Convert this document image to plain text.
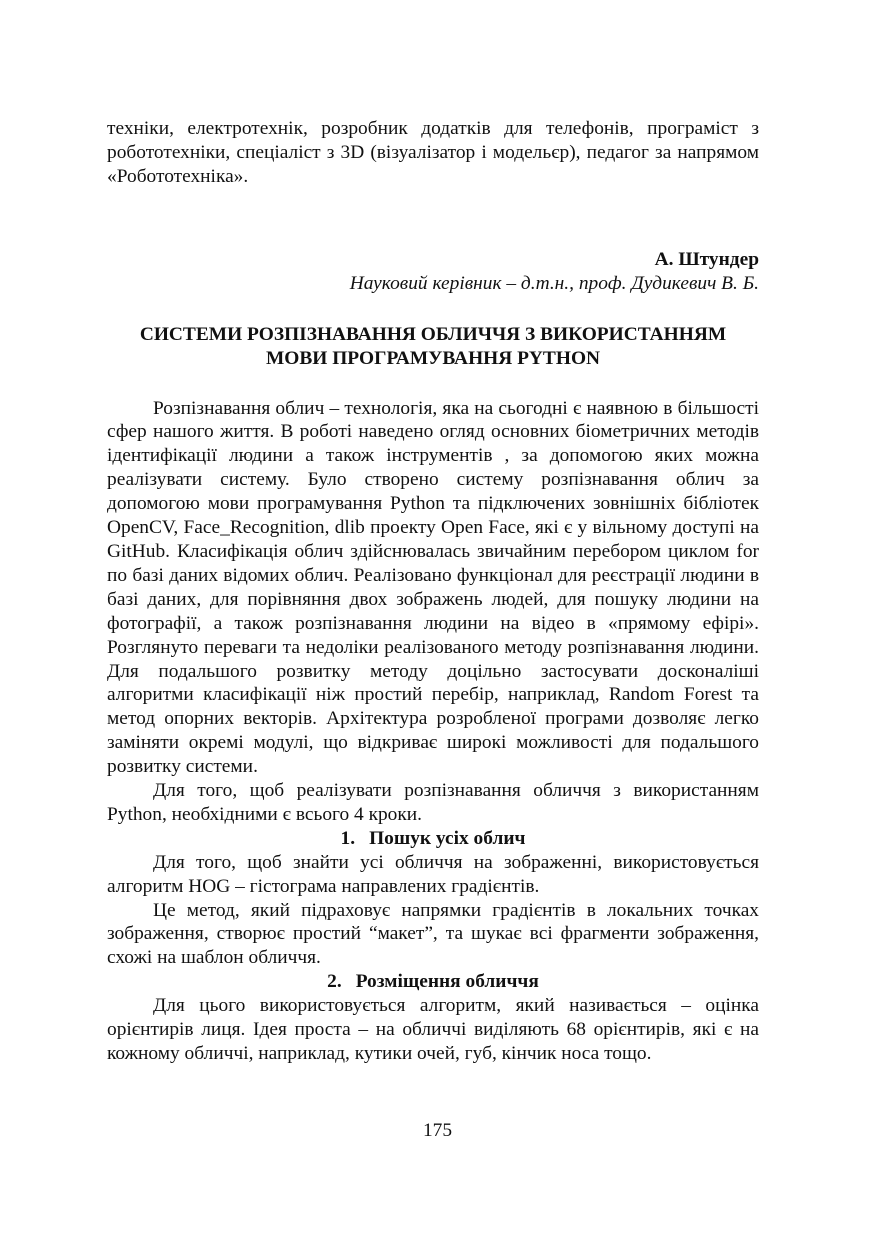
техніки, електротехнік, розробник додатків для телефонів, програміст з робототехніки, спеціаліст з 3D (візуалізатор і модельєр), педагог за напрямом «Робототехніка».

А. Штундер

Науковий керівник – д.т.н., проф. Дудикевич В. Б.

СИСТЕМИ РОЗПІЗНАВАННЯ ОБЛИЧЧЯ З ВИКОРИСТАННЯМ
МОВИ ПРОГРАМУВАННЯ PYTHON

Розпізнавання облич – технологія, яка на сьогодні є наявною в більшості сфер нашого життя. В роботі наведено огляд основних біометричних методів ідентифікації людини а також інструментів , за допомогою яких можна реалізувати систему. Було створено систему розпізнавання облич за допомогою мови програмування Python та підключених зовнішніх бібліотек OpenCV, Face_Recognition, dlib проекту Open Face, які є у вільному доступі на GitHub. Класифікація облич здійснювалась звичайним перебором циклом for по базі даних відомих облич. Реалізовано функціонал для реєстрації людини в базі даних, для порівняння двох зображень людей, для пошуку людини на фотографії, а також розпізнавання людини на відео в «прямому ефірі». Розглянуто переваги та недоліки реалізованого методу розпізнавання людини. Для подальшого розвитку методу доцільно застосувати досконаліші алгоритми класифікації ніж простий перебір, наприклад, Random Forest та метод опорних векторів. Архітектура розробленої програми дозволяє легко заміняти окремі модулі, що відкриває широкі можливості для подальшого розвитку системи.

Для того, щоб реалізувати розпізнавання обличчя з використанням Python, необхідними є всього 4 кроки.

1. Пошук усіх облич

Для того, щоб знайти усі обличчя на зображенні, використовується алгоритм HOG – гістограма направлених градієнтів.

Це метод, який підраховує напрямки градієнтів в локальних точках зображення, створює простий “макет”, та шукає всі фрагменти зображення, схожі на шаблон обличчя.

2. Розміщення обличчя

Для цього використовується алгоритм, який називається – оцінка орієнтирів лиця. Ідея проста – на обличчі виділяють 68 орієнтирів, які є на кожному обличчі, наприклад, кутики очей, губ, кінчик носа тощо.

175
